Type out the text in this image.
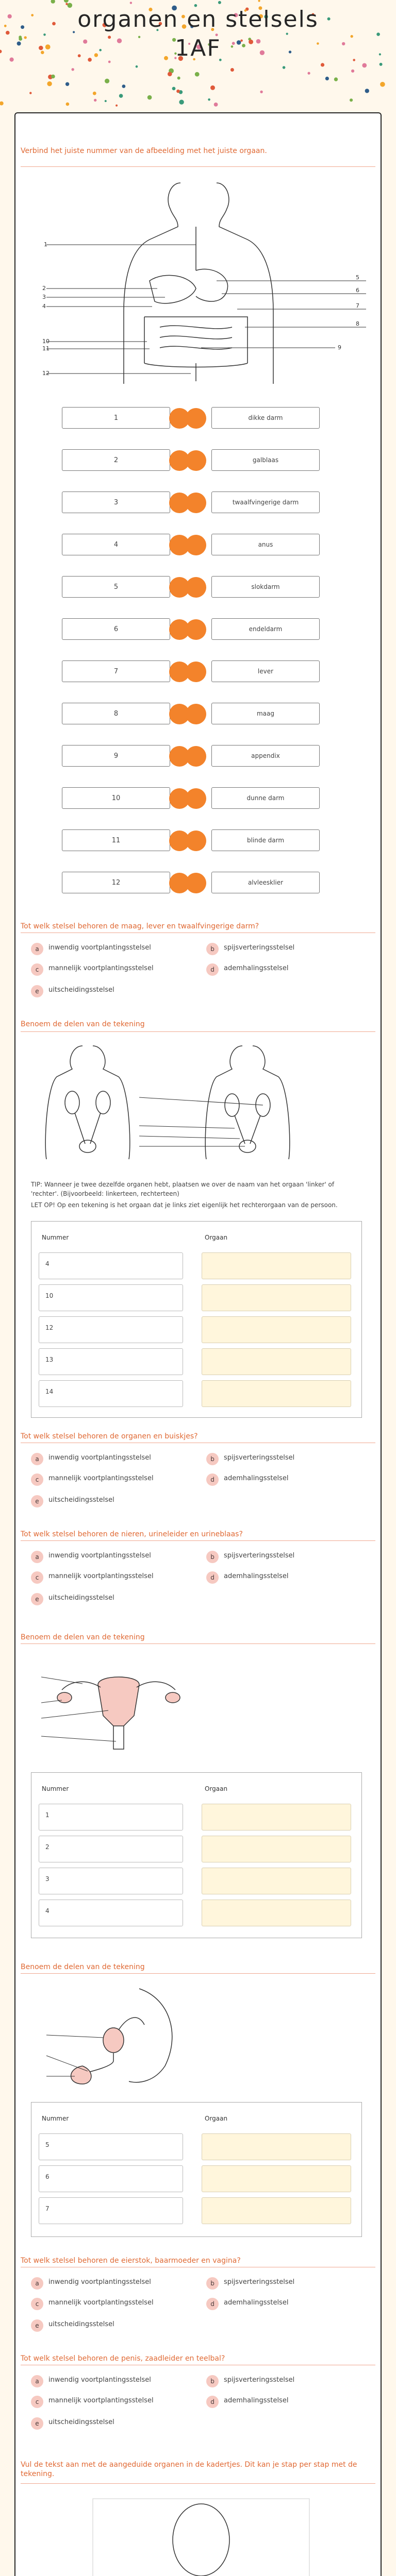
organen en stelsels
1AF
Verbind het juiste nummer van de afbeelding met het juiste orgaan.
1
2
3
4
10
11
12
5
6
7
8
9
1	dikke darm
2	galblaas
3	twaalfvingerige darm
4	anus
5	slokdarm
6	endeldarm
7	lever
8	maag
9	appendix
10	dunne darm
11	blinde darm
12	alvleesklier
Tot welk stelsel behoren de maag, lever en twaalfvingerige darm?
a	inwendig voortplantingsstelsel	b	spijsverteringsstelsel
c	mannelijk voortplantingsstelsel	d	ademhalingsstelsel
e	uitscheidingsstelsel
Benoem de delen van de tekening
TIP: Wanneer je twee dezelfde organen hebt, plaatsen we over de naam van het orgaan 'linker' of 'rechter'. (Bijvoorbeeld: linkerteen, rechterteen)
LET OP! Op een tekening is het orgaan dat je links ziet eigenlijk het rechterorgaan van de persoon.
Nummer	Orgaan
4
10
12
13
14
Tot welk stelsel behoren de organen en buiskjes?
a	inwendig voortplantingsstelsel	b	spijsverteringsstelsel
c	mannelijk voortplantingsstelsel	d	ademhalingsstelsel
e	uitscheidingsstelsel
Tot welk stelsel behoren de nieren, urineleider en urineblaas?
a	inwendig voortplantingsstelsel	b	spijsverteringsstelsel
c	mannelijk voortplantingsstelsel	d	ademhalingsstelsel
e	uitscheidingsstelsel
Benoem de delen van de tekening
Nummer	Orgaan
1
2
3
4
Benoem de delen van de tekening
Nummer	Orgaan
5
6
7
Tot welk stelsel behoren de eierstok, baarmoeder en vagina?
a	inwendig voortplantingsstelsel	b	spijsverteringsstelsel
c	mannelijk voortplantingsstelsel	d	ademhalingsstelsel
e	uitscheidingsstelsel
Tot welk stelsel behoren de penis, zaadleider en teelbal?
a	inwendig voortplantingsstelsel	b	spijsverteringsstelsel
c	mannelijk voortplantingsstelsel	d	ademhalingsstelsel
e	uitscheidingsstelsel
Vul de tekst aan met de aangeduide organen in de kadertjes. Dit kan je stap per stap met de tekening.
